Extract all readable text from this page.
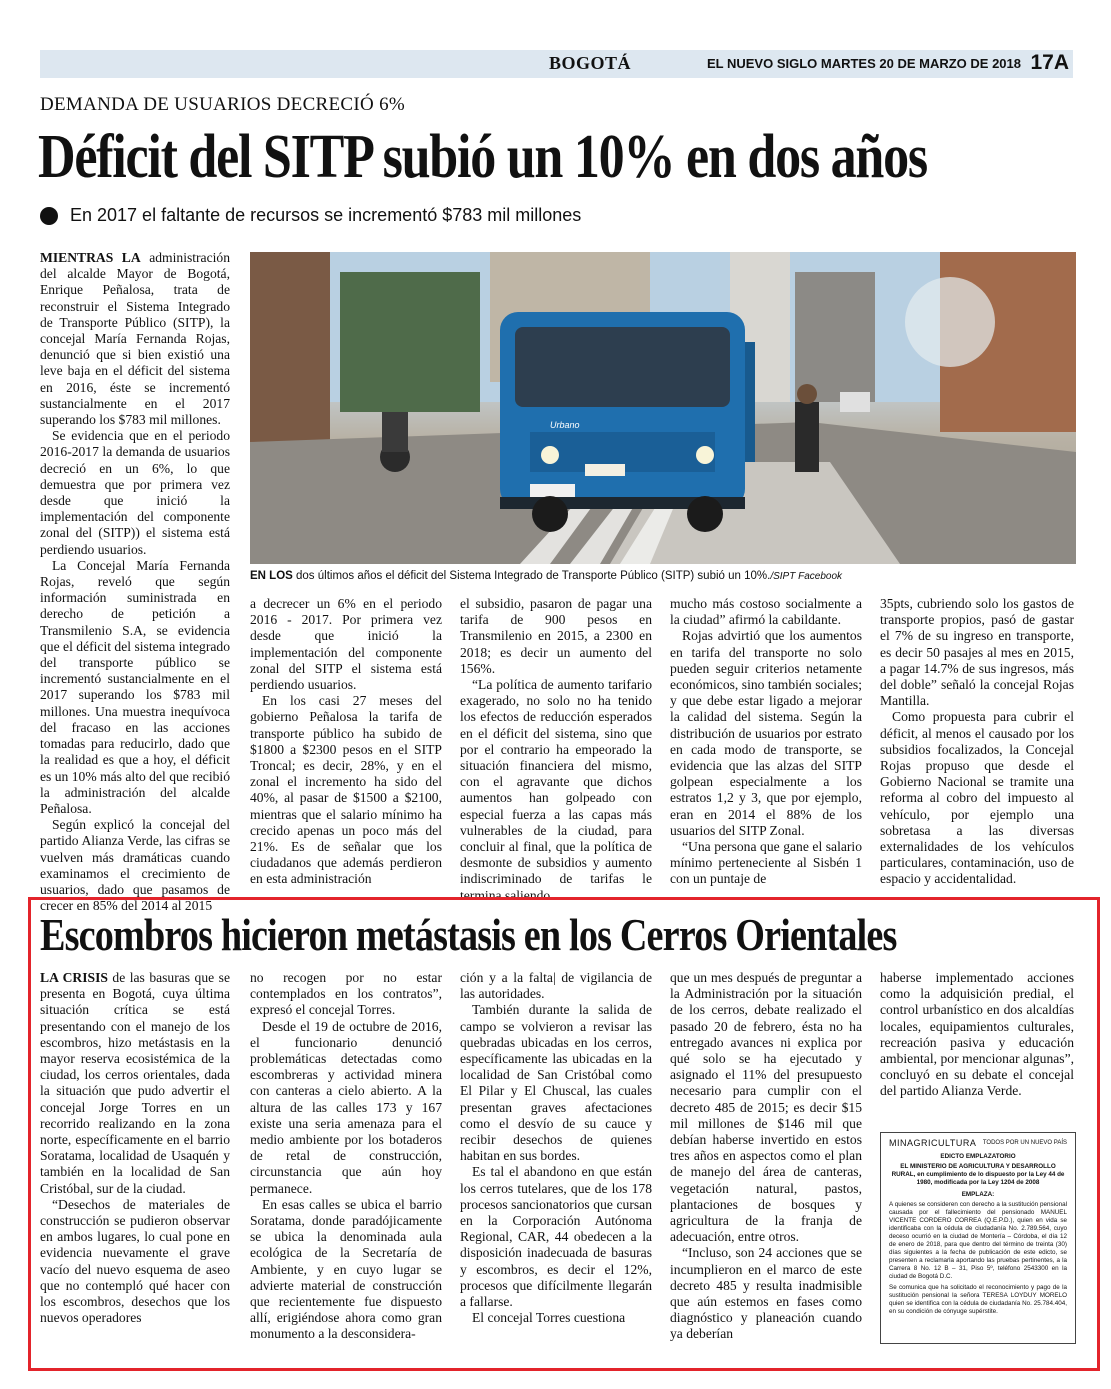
BOGOTÁ	EL NUEVO SIGLO MARTES 20 DE MARZO DE 2018 17A
DEMANDA DE USUARIOS DECRECIÓ 6%
Déficit del SITP subió un 10% en dos años
En 2017 el faltante de recursos se incrementó $783 mil millones

MIENTRAS LA administración del alcalde Mayor de Bogotá, Enrique Peñalosa, trata de reconstruir el Sistema Integrado de Transporte Público (SITP), la concejal María Fernanda Rojas, denunció que si bien existió una leve baja en el déficit del sistema en 2016, éste se incrementó sustancialmente en el 2017 superando los $783 mil millones.

Se evidencia que en el periodo 2016-2017 la demanda de usuarios decreció en un 6%, lo que demuestra que por primera vez desde que inició la implementación del componente zonal del (SITP)) el sistema está perdiendo usuarios.

La Concejal María Fernanda Rojas, reveló que según información suministrada en derecho de petición a Transmilenio S.A, se evidencia que el déficit del sistema integrado del transporte público se incrementó sustancialmente en el 2017 superando los $783 mil millones. Una muestra inequívoca del fracaso en las acciones tomadas para reducirlo, dado que la realidad es que a hoy, el déficit es un 10% más alto del que recibió la administración del alcalde Peñalosa.

Según explicó la concejal del partido Alianza Verde, las cifras se vuelven más dramáticas cuando examinamos el crecimiento de usuarios, dado que pasamos de crecer en 85% del 2014 al 2015

Urbano
EN LOS dos últimos años el déficit del Sistema Integrado de Transporte Público (SITP) subió un 10%./SIPT Facebook

a decrecer un 6% en el periodo 2016 - 2017. Por primera vez desde que inició la implementación del componente zonal del SITP el sistema está perdiendo usuarios.

En los casi 27 meses del gobierno Peñalosa la tarifa de transporte público ha subido de $1800 a $2300 pesos en el SITP Troncal; es decir, 28%, y en el zonal el incremento ha sido del 40%, al pasar de $1500 a $2100, mientras que el salario mínimo ha crecido apenas un poco más del 21%. Es de señalar que los ciudadanos que además perdieron en esta administración

el subsidio, pasaron de pagar una tarifa de 900 pesos en Transmilenio en 2015, a 2300 en 2018; es decir un aumento del 156%.

“La política de aumento tarifario exagerado, no solo no ha tenido los efectos de reducción esperados en el déficit del sistema, sino que por el contrario ha empeorado la situación financiera del mismo, con el agravante que dichos aumentos han golpeado con especial fuerza a las capas más vulnerables de la ciudad, para concluir al final, que la política de desmonte de subsidios y aumento indiscriminado de tarifas le termina saliendo

mucho más costoso socialmente a la ciudad” afirmó la cabildante.

Rojas advirtió que los aumentos en tarifa del transporte no solo pueden seguir criterios netamente económicos, sino también sociales; y que debe estar ligado a mejorar la calidad del sistema. Según la distribución de usuarios por estrato en cada modo de transporte, se evidencia que las alzas del SITP golpean especialmente a los estratos 1,2 y 3, que por ejemplo, eran en 2014 el 88% de los usuarios del SITP Zonal.

“Una persona que gane el salario mínimo perteneciente al Sisbén 1 con un puntaje de

35pts, cubriendo solo los gastos de transporte propios, pasó de gastar el 7% de su ingreso en transporte, es decir 50 pasajes al mes en 2015, a pagar 14.7% de sus ingresos, más del doble” señaló la concejal Rojas Mantilla.

Como propuesta para cubrir el déficit, al menos el causado por los subsidios focalizados, la Concejal Rojas propuso que desde el Gobierno Nacional se tramite una reforma al cobro del impuesto al vehículo, por ejemplo una sobretasa a las diversas externalidades de los vehículos particulares, contaminación, uso de espacio y accidentalidad.

Escombros hicieron metástasis en los Cerros Orientales

LA CRISIS de las basuras que se presenta en Bogotá, cuya última situación crítica se está presentando con el manejo de los escombros, hizo metástasis en la mayor reserva ecosistémica de la ciudad, los cerros orientales, dada la situación que pudo advertir el concejal Jorge Torres en un recorrido realizando en la zona norte, específicamente en el barrio Soratama, localidad de Usaquén y también en la localidad de San Cristóbal, sur de la ciudad.

“Desechos de materiales de construcción se pudieron observar en ambos lugares, lo cual pone en evidencia nuevamente el grave vacío del nuevo esquema de aseo que no contempló qué hacer con los escombros, desechos que los nuevos operadores

no recogen por no estar contemplados en los contratos”, expresó el concejal Torres.

Desde el 19 de octubre de 2016, el funcionario denunció problemáticas detectadas como escombreras y actividad minera con canteras a cielo abierto. A la altura de las calles 173 y 167 existe una seria amenaza para el medio ambiente por los botaderos de retal de construcción, circunstancia que aún hoy permanece.

En esas calles se ubica el barrio Soratama, donde paradójicamente se ubica la denominada aula ecológica de la Secretaría de Ambiente, y en cuyo lugar se advierte material de construcción que recientemente fue dispuesto allí, erigiéndose ahora como gran monumento a la desconsidera-

ción y a la falta| de vigilancia de las autoridades.

También durante la salida de campo se volvieron a revisar las quebradas ubicadas en los cerros, específicamente las ubicadas en la localidad de San Cristóbal como El Pilar y El Chuscal, las cuales presentan graves afectaciones como el desvío de su cauce y recibir desechos de quienes habitan en sus bordes.

Es tal el abandono en que están los cerros tutelares, que de los 178 procesos sancionatorios que cursan en la Corporación Autónoma Regional, CAR, 44 obedecen a la disposición inadecuada de basuras y escombros, es decir el 12%, procesos que difícilmente llegarán a fallarse.

El concejal Torres cuestiona

que un mes después de preguntar a la Administración por la situación de los cerros, debate realizado el pasado 20 de febrero, ésta no ha entregado avances ni explica por qué solo se ha ejecutado y asignado el 11% del presupuesto necesario para cumplir con el decreto 485 de 2015; es decir $15 mil millones de $146 mil que debían haberse invertido en estos tres años en aspectos como el plan de manejo del área de canteras, vegetación natural, pastos, plantaciones de bosques y agricultura de la franja de adecuación, entre otros.

“Incluso, son 24 acciones que se incumplieron en el marco de este decreto 485 y resulta inadmisible que aún estemos en fases como diagnóstico y planeación cuando ya deberían

haberse implementado acciones como la adquisición predial, el control urbanístico en dos alcaldías locales, equipamientos culturales, recreación pasiva y educación ambiental, por mencionar algunas”, concluyó en su debate el concejal del partido Alianza Verde.

MINAGRICULTURA TODOS POR UN NUEVO PAÍS
EDICTO EMPLAZATORIO
EL MINISTERIO DE AGRICULTURA Y DESARROLLO RURAL, en cumplimiento de lo dispuesto por la Ley 44 de 1980, modificada por la Ley 1204 de 2008
EMPLAZA:

A quienes se consideren con derecho a la sustitución pensional causada por el fallecimiento del pensionado MANUEL VICENTE CORDERO CORREA (Q.E.P.D.), quien en vida se identificaba con la cédula de ciudadanía No. 2.789.564, cuyo deceso ocurrió en la ciudad de Montería – Córdoba, el día 12 de enero de 2018, para que dentro del término de treinta (30) días siguientes a la fecha de publicación de este edicto, se presenten a reclamarla aportando las pruebas pertinentes, a la Carrera 8 No. 12 B – 31, Piso 5º, teléfono 2543300 en la ciudad de Bogotá D.C.

Se comunica que ha solicitado el reconocimiento y pago de la sustitución pensional la señora TERESA LOYDUY MORELO quien se identifica con la cédula de ciudadanía No. 25.784.404, en su condición de cónyuge supérstite.
